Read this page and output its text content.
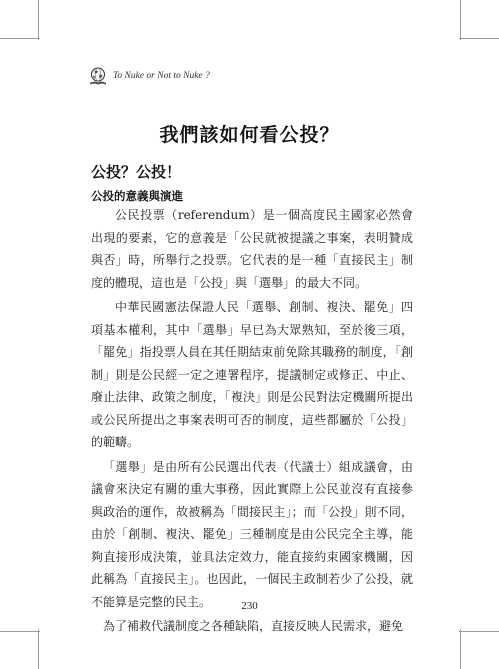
To Nuke or Not to Nuke ?
我們該如何看公投？
公投？公投！
公投的意義與演進

公民投票（referendum）是一個高度民主國家必然會出現的要素，它的意義是「公民就被提議之事案，表明贊成與否」時，所舉行之投票。它代表的是一種「直接民主」制度的體現，這也是「公投」與「選舉」的最大不同。

中華民國憲法保證人民「選舉、創制、複決、罷免」四項基本權利，其中「選舉」早已為大眾熟知，至於後三項，「罷免」指投票人員在其任期結束前免除其職務的制度，「創制」則是公民經一定之連署程序，提議制定或修正、中止、廢止法律、政策之制度，「複決」則是公民對法定機關所提出或公民所提出之事案表明可否的制度，這些都屬於「公投」的範疇。

「選舉」是由所有公民選出代表（代議士）組成議會，由議會來決定有關的重大事務，因此實際上公民並沒有直接參與政治的運作，故被稱為「間接民主」；而「公投」則不同，由於「創制、複決、罷免」三種制度是由公民完全主導，能夠直接形成決策，並具法定效力，能直接約束國家機關，因此稱為「直接民主」。也因此，一個民主政制若少了公投，就不能算是完整的民主。

為了補救代議制度之各種缺陷，直接反映人民需求，避免

230
